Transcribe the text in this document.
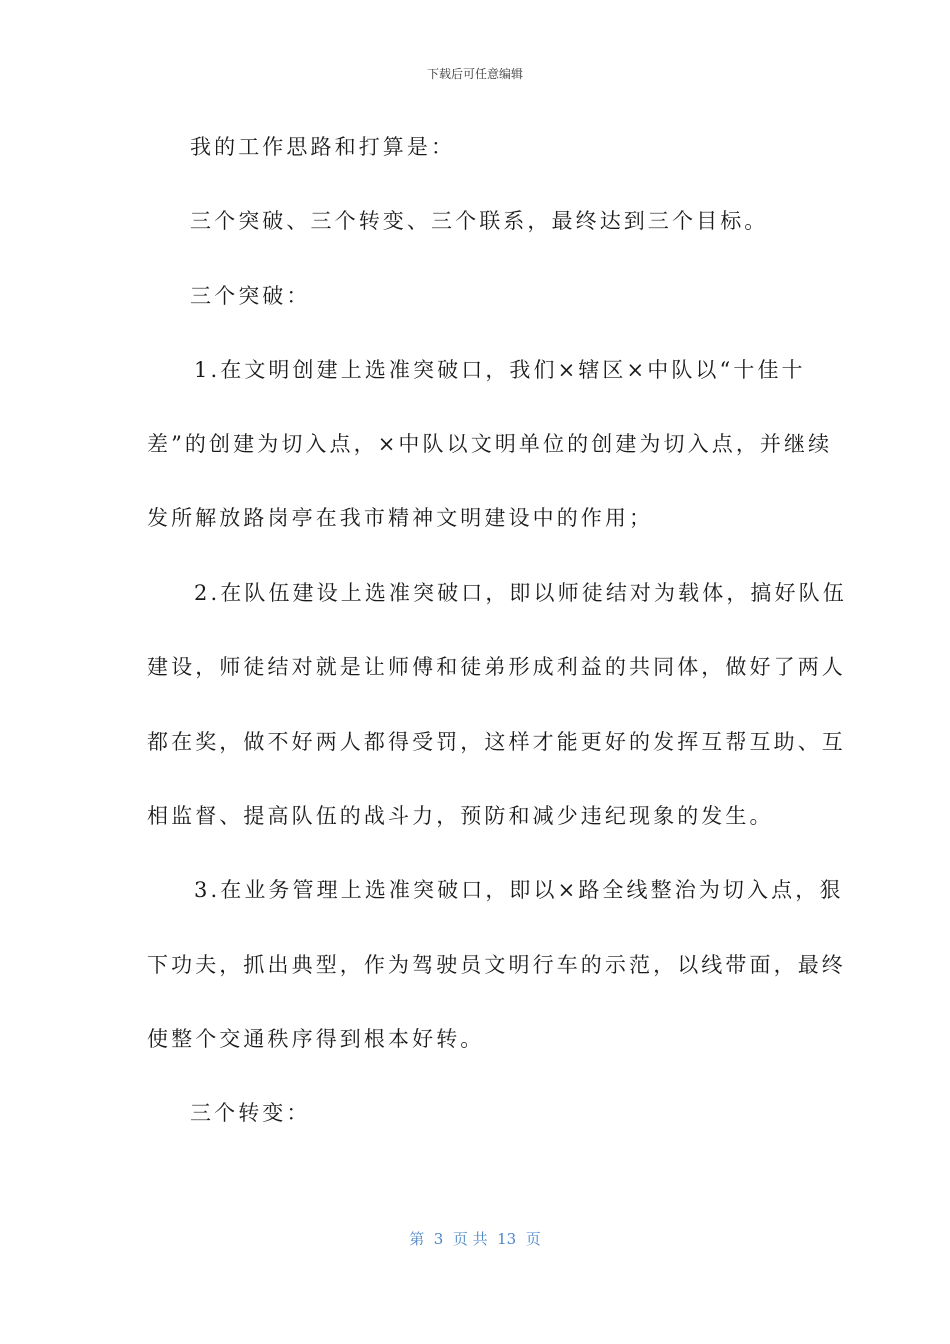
下载后可任意编辑
我的工作思路和打算是：
三个突破、三个转变、三个联系，最终达到三个目标。
三个突破：
1.在文明创建上选准突破口，我们×辖区×中队以“十佳十
差”的创建为切入点，×中队以文明单位的创建为切入点，并继续
发所解放路岗亭在我市精神文明建设中的作用；
2.在队伍建设上选准突破口，即以师徒结对为载体，搞好队伍
建设，师徒结对就是让师傅和徒弟形成利益的共同体，做好了两人
都在奖，做不好两人都得受罚，这样才能更好的发挥互帮互助、互
相监督、提高队伍的战斗力，预防和减少违纪现象的发生。
3.在业务管理上选准突破口，即以×路全线整治为切入点，狠
下功夫，抓出典型，作为驾驶员文明行车的示范，以线带面，最终
使整个交通秩序得到根本好转。
三个转变：
第  3  页 共  13  页
